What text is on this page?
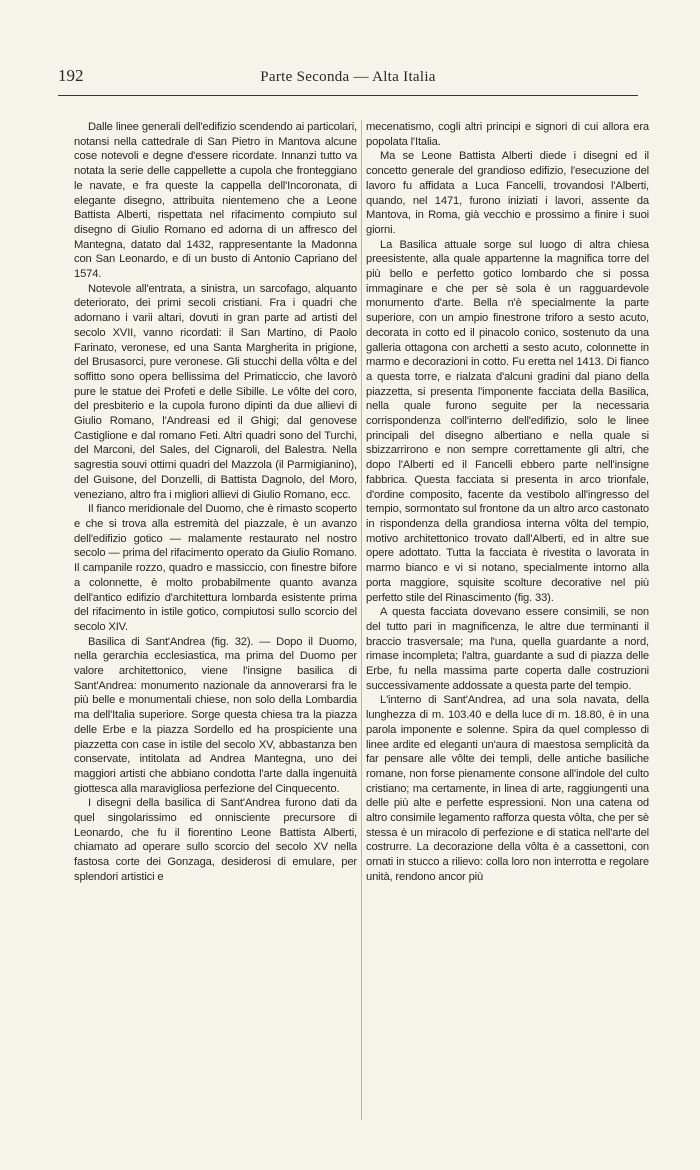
192	Parte Seconda — Alta Italia

Dalle linee generali dell'edifizio scendendo ai particolari, notansi nella cattedrale di San Pietro in Mantova alcune cose notevoli e degne d'essere ricordate. Innanzi tutto va notata la serie delle cappellette a cupola che fronteggiano le navate, e fra queste la cappella dell'Incoronata, di elegante disegno, attribuita nientemeno che a Leone Battista Alberti, rispettata nel rifacimento compiuto sul disegno di Giulio Romano ed adorna di un affresco del Mantegna, datato dal 1432, rappresentante la Madonna con San Leonardo, e di un busto di Antonio Capriano del 1574.

Notevole all'entrata, a sinistra, un sarcofago, alquanto deteriorato, dei primi secoli cristiani. Fra i quadri che adornano i varii altari, dovuti in gran parte ad artisti del secolo XVII, vanno ricordati: il San Martino, di Paolo Farinato, veronese, ed una Santa Margherita in prigione, del Brusasorci, pure veronese. Gli stucchi della vôlta e del soffitto sono opera bellissima del Primaticcio, che lavorò pure le statue dei Profeti e delle Sibille. Le vôlte del coro, del presbiterio e la cupola furono dipinti da due allievi di Giulio Romano, l'Andreasi ed il Ghigi; dal genovese Castiglione e dal romano Feti. Altri quadri sono del Turchi, del Marconi, del Sales, del Cignaroli, del Balestra. Nella sagrestia souvi ottimi quadri del Mazzola (il Parmigianino), del Guisone, del Donzelli, di Battista Dagnolo, del Moro, veneziano, altro fra i migliori allievi di Giulio Romano, ecc.

Il fianco meridionale del Duomo, che è rimasto scoperto e che si trova alla estremità del piazzale, è un avanzo dell'edifizio gotico — malamente restaurato nel nostro secolo — prima del rifacimento operato da Giulio Romano. Il campanile rozzo, quadro e massiccio, con finestre bifore a colonnette, è molto probabilmente quanto avanza dell'antico edifizio d'architettura lombarda esistente prima del rifacimento in istile gotico, compiutosi sullo scorcio del secolo XIV.

Basilica di Sant'Andrea (fig. 32). — Dopo il Duomo, nella gerarchia ecclesiastica, ma prima del Duomo per valore architettonico, viene l'insigne basilica di Sant'Andrea: monumento nazionale da annoverarsi fra le più belle e monumentali chiese, non solo della Lombardia ma dell'Italia superiore. Sorge questa chiesa tra la piazza delle Erbe e la piazza Sordello ed ha prospiciente una piazzetta con case in istile del secolo XV, abbastanza ben conservate, intitolata ad Andrea Mantegna, uno dei maggiori artisti che abbiano condotta l'arte dalla ingenuità giottesca alla maravigliosa perfezione del Cinquecento.

I disegni della basilica di Sant'Andrea furono dati da quel singolarissimo ed onnisciente precursore di Leonardo, che fu il fiorentino Leone Battista Alberti, chiamato ad operare sullo scorcio del secolo XV nella fastosa corte dei Gonzaga, desiderosi di emulare, per splendori artistici e

mecenatismo, cogli altri principi e signori di cui allora era popolata l'Italia.

Ma se Leone Battista Alberti diede i disegni ed il concetto generale del grandioso edifizio, l'esecuzione del lavoro fu affidata a Luca Fancelli, trovandosi l'Alberti, quando, nel 1471, furono iniziati i lavori, assente da Mantova, in Roma, già vecchio e prossimo a finire i suoi giorni.

La Basilica attuale sorge sul luogo di altra chiesa preesistente, alla quale appartenne la magnifica torre del più bello e perfetto gotico lombardo che si possa immaginare e che per sè sola è un ragguardevole monumento d'arte. Bella n'è specialmente la parte superiore, con un ampio finestrone triforo a sesto acuto, decorata in cotto ed il pinacolo conico, sostenuto da una galleria ottagona con archetti a sesto acuto, colonnette in marmo e decorazioni in cotto. Fu eretta nel 1413. Di fianco a questa torre, e rialzata d'alcuni gradini dal piano della piazzetta, si presenta l'imponente facciata della Basilica, nella quale furono seguite per la necessaria corrispondenza coll'interno dell'edifizio, solo le linee principali del disegno albertiano e nella quale si sbizzarrirono e non sempre correttamente gli altri, che dopo l'Alberti ed il Fancelli ebbero parte nell'insigne fabbrica. Questa facciata si presenta in arco trionfale, d'ordine composito, facente da vestibolo all'ingresso del tempio, sormontato sul frontone da un altro arco castonato in rispondenza della grandiosa interna vôlta del tempio, motivo architettonico trovato dall'Alberti, ed in altre sue opere adottato. Tutta la facciata è rivestita o lavorata in marmo bianco e vi si notano, specialmente intorno alla porta maggiore, squisite scolture decorative nel più perfetto stile del Rinascimento (fig. 33).

A questa facciata dovevano essere consimili, se non del tutto pari in magnificenza, le altre due terminanti il braccio trasversale; ma l'una, quella guardante a nord, rimase incompleta; l'altra, guardante a sud di piazza delle Erbe, fu nella massima parte coperta dalle costruzioni successivamente addossate a questa parte del tempio.

L'interno di Sant'Andrea, ad una sola navata, della lunghezza di m. 103.40 e della luce di m. 18.80, è in una parola imponente e solenne. Spira da quel complesso di linee ardite ed eleganti un'aura di maestosa semplicità da far pensare alle vôlte dei templi, delle antiche basiliche romane, non forse pienamente consone all'indole del culto cristiano; ma certamente, in linea di arte, raggiungenti una delle più alte e perfette espressioni. Non una catena od altro consimile legamento rafforza questa vôlta, che per sè stessa è un miracolo di perfezione e di statica nell'arte del costrurre. La decorazione della vôlta è a cassettoni, con ornati in stucco a rilievo: colla loro non interrotta e regolare unità, rendono ancor più
